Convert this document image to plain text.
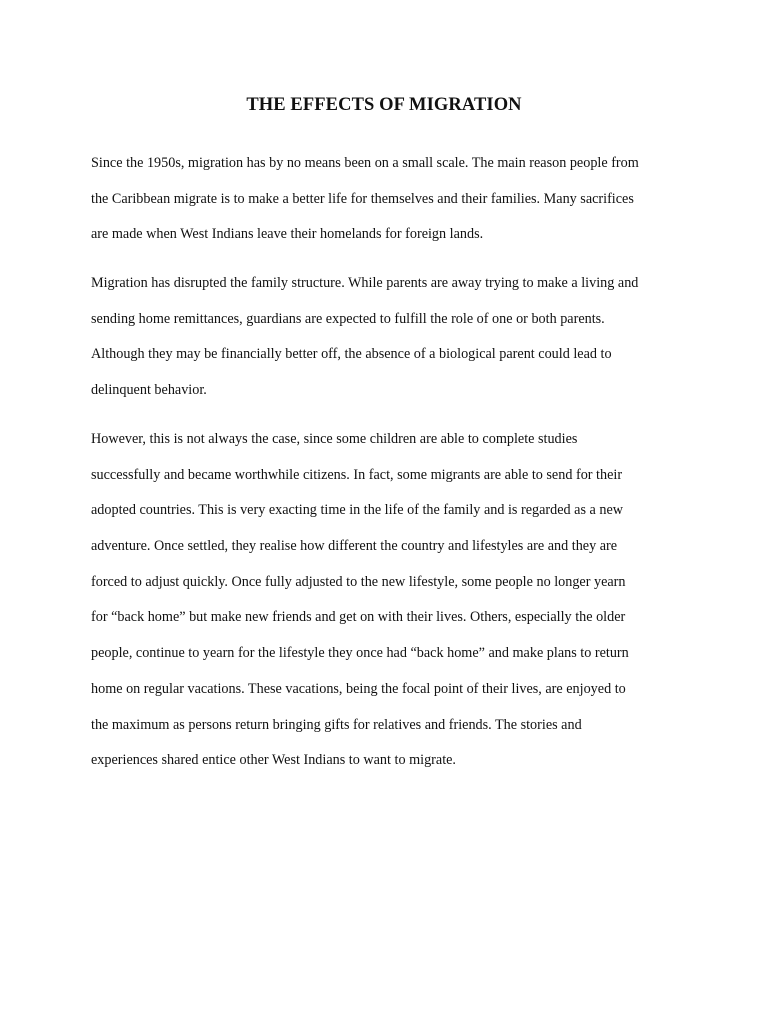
THE EFFECTS OF MIGRATION

Since the 1950s, migration has by no means been on a small scale. The main reason people from
the Caribbean migrate is to make a better life for themselves and their families. Many sacrifices
are made when West Indians leave their homelands for foreign lands.

Migration has disrupted the family structure. While parents are away trying to make a living and
sending home remittances, guardians are expected to fulfill the role of one or both parents.
Although they may be financially better off, the absence of a biological parent could lead to
delinquent behavior.

However, this is not always the case, since some children are able to complete studies
successfully and became worthwhile citizens. In fact, some migrants are able to send for their
adopted countries. This is very exacting time in the life of the family and is regarded as a new
adventure. Once settled, they realise how different the country and lifestyles are and they are
forced to adjust quickly. Once fully adjusted to the new lifestyle, some people no longer yearn
for “back home” but make new friends and get on with their lives. Others, especially the older
people, continue to yearn for the lifestyle they once had “back home” and make plans to return
home on regular vacations. These vacations, being the focal point of their lives, are enjoyed to
the maximum as persons return bringing gifts for relatives and friends. The stories and
experiences shared entice other West Indians to want to migrate.
